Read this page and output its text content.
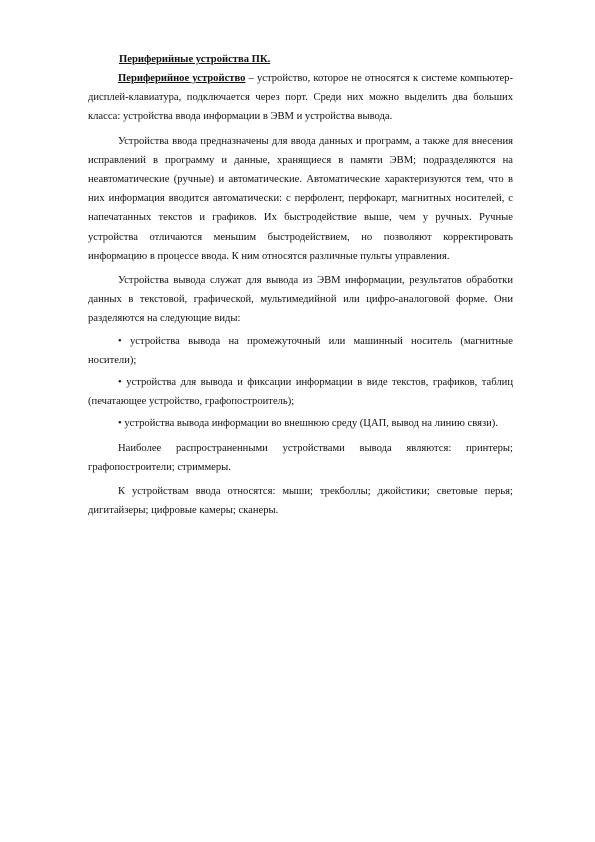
Периферийные устройства ПК.

Периферийное устройство – устройство, которое не относятся к системе компьютер-дисплей-клавиатура, подключается через порт. Среди них можно выделить два больших класса: устройства ввода информации в ЭВМ и устройства вывода.

Устройства ввода предназначены для ввода данных и программ, а также для внесения исправлений в программу и данные, хранящиеся в памяти ЭВМ; подразделяются на неавтоматические (ручные) и автоматические. Автоматические характеризуются тем, что в них информация вводится автоматически: с перфолент, перфокарт, магнитных носителей, с напечатанных текстов и графиков. Их быстродействие выше, чем у ручных. Ручные устройства отличаются меньшим быстродействием, но позволяют корректировать информацию в процессе ввода. К ним относятся различные пульты управления.

Устройства вывода служат для вывода из ЭВМ информации, результатов обработки данных в текстовой, графической, мультимедийной или цифро-аналоговой форме. Они разделяются на следующие виды:

• устройства вывода на промежуточный или машинный носитель (магнитные носители);

• устройства для вывода и фиксации информации в виде текстов, графиков, таблиц (печатающее устройство, графопостроитель);

• устройства вывода информации во внешнюю среду (ЦАП, вывод на линию связи).

Наиболее распространенными устройствами вывода являются: принтеры; графопостроители; стриммеры.

К устройствам ввода относятся: мыши; трекболлы; джойстики; световые перья; дигитайзеры; цифровые камеры; сканеры.
